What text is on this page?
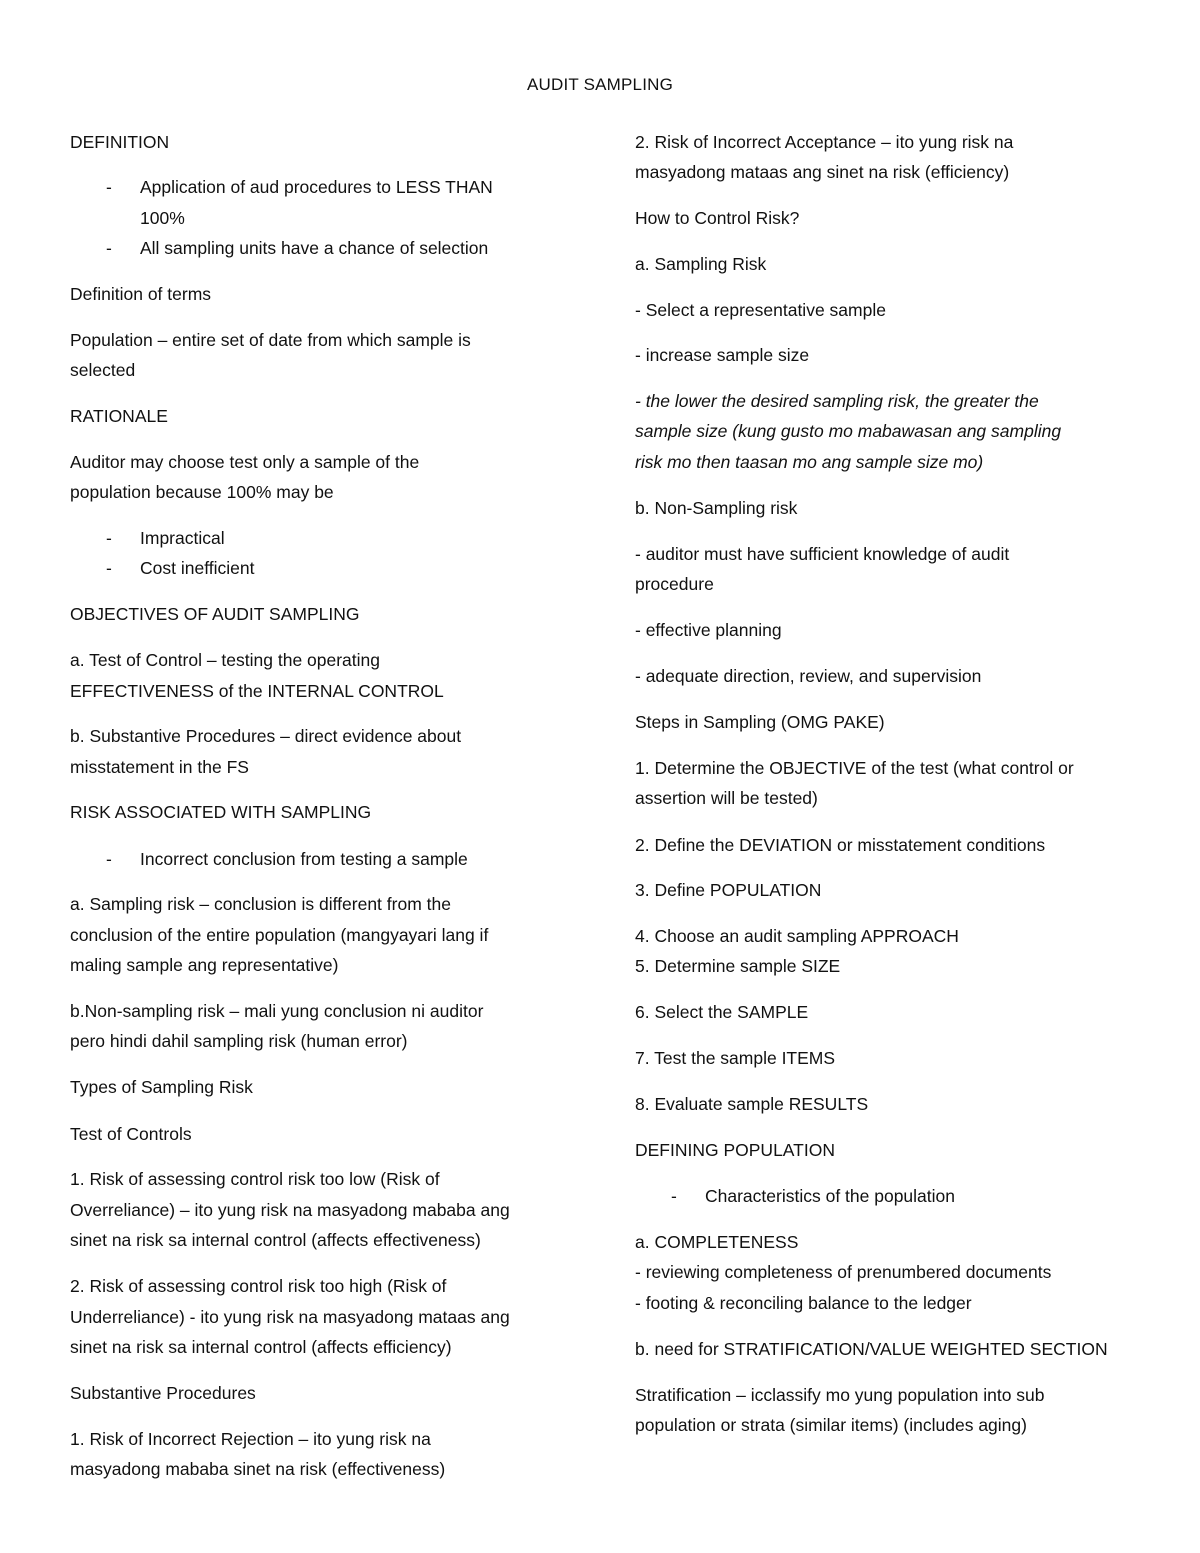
AUDIT SAMPLING
DEFINITION
- Application of aud procedures to LESS THAN
100%
- All sampling units have a chance of selection
Definition of terms
Population – entire set of date from which sample is
selected
RATIONALE
Auditor may choose test only a sample of the
population because 100% may be
- Impractical
- Cost inefficient
OBJECTIVES OF AUDIT SAMPLING
a. Test of Control – testing the operating
EFFECTIVENESS of the INTERNAL CONTROL
b. Substantive Procedures – direct evidence about
misstatement in the FS
RISK ASSOCIATED WITH SAMPLING
- Incorrect conclusion from testing a sample
a. Sampling risk – conclusion is different from the
conclusion of the entire population (mangyayari lang if
maling sample ang representative)
b.Non-sampling risk – mali yung conclusion ni auditor
pero hindi dahil sampling risk (human error)
Types of Sampling Risk
Test of Controls
1. Risk of assessing control risk too low (Risk of
Overreliance) – ito yung risk na masyadong mababa ang
sinet na risk sa internal control (affects effectiveness)
2. Risk of assessing control risk too high (Risk of
Underreliance) - ito yung risk na masyadong mataas ang
sinet na risk sa internal control (affects efficiency)
Substantive Procedures
1. Risk of Incorrect Rejection – ito yung risk na
masyadong mababa sinet na risk (effectiveness)
2. Risk of Incorrect Acceptance – ito yung risk na
masyadong mataas ang sinet na risk (efficiency)
How to Control Risk?
a. Sampling Risk
- Select a representative sample
- increase sample size
- the lower the desired sampling risk, the greater the
sample size (kung gusto mo mabawasan ang sampling
risk mo then taasan mo ang sample size mo)
b. Non-Sampling risk
- auditor must have sufficient knowledge of audit
procedure
- effective planning
- adequate direction, review, and supervision
Steps in Sampling (OMG PAKE)
1. Determine the OBJECTIVE of the test (what control or
assertion will be tested)
2. Define the DEVIATION or misstatement conditions
3. Define POPULATION
4. Choose an audit sampling APPROACH
5. Determine sample SIZE
6. Select the SAMPLE
7. Test the sample ITEMS
8. Evaluate sample RESULTS
DEFINING POPULATION
- Characteristics of the population
a. COMPLETENESS
- reviewing completeness of prenumbered documents
- footing & reconciling balance to the ledger
b. need for STRATIFICATION/VALUE WEIGHTED SECTION
Stratification – icclassify mo yung population into sub
population or strata (similar items) (includes aging)
